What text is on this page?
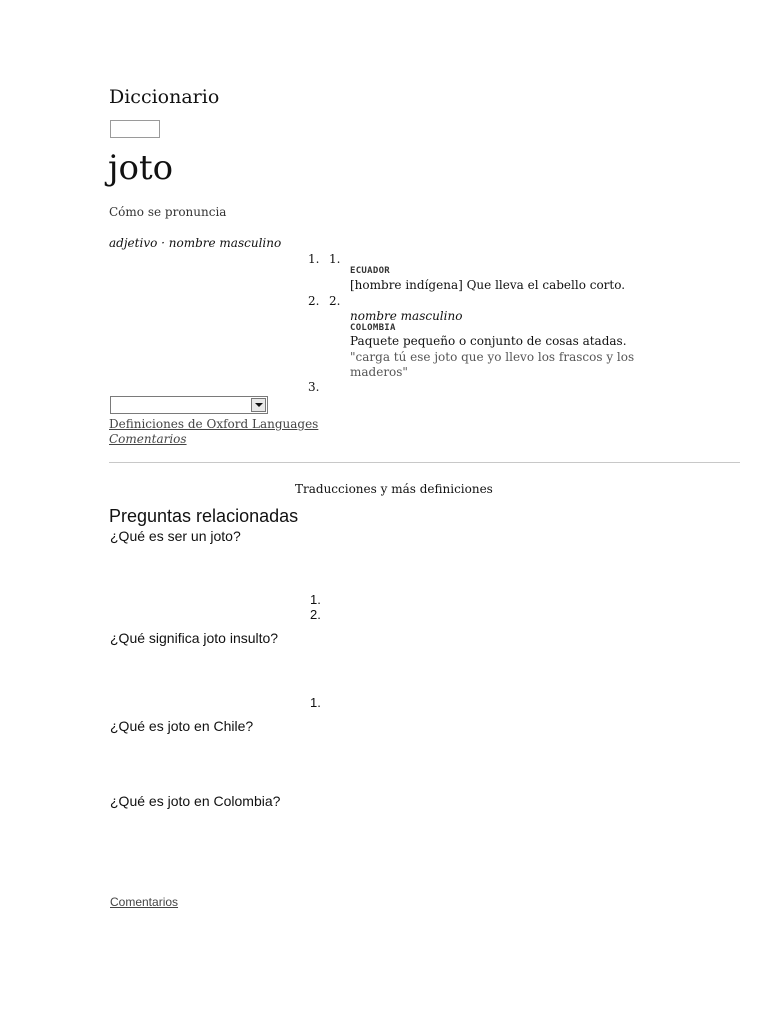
Diccionario
joto
Cómo se pronuncia
adjetivo · nombre masculino
1. 1.
ECUADOR
[hombre indígena] Que lleva el cabello corto.
2. 2.
nombre masculino
COLOMBIA
Paquete pequeño o conjunto de cosas atadas.
"carga tú ese joto que yo llevo los frascos y los
maderos"
3.
Definiciones de Oxford Languages
Comentarios
Traducciones y más definiciones
Preguntas relacionadas
¿Qué es ser un joto?
1.
2.
¿Qué significa joto insulto?
1.
¿Qué es joto en Chile?
¿Qué es joto en Colombia?
Comentarios
